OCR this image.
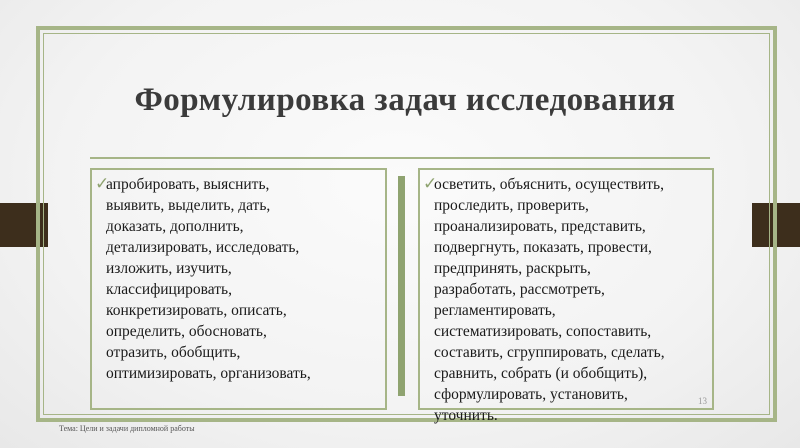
Формулировка задач исследования
✓

апробировать, выяснить,
выявить, выделить, дать,
доказать, дополнить,
детализировать, исследовать,
изложить, изучить,
классифицировать,
конкретизировать, описать,
определить, обосновать,
отразить, обобщить,
оптимизировать, организовать,

✓

осветить, объяснить, осуществить,
проследить, проверить,
проанализировать, представить,
подвергнуть, показать, провести,
предпринять, раскрыть,
разработать, рассмотреть,
регламентировать,
систематизировать, сопоставить,
составить, сгруппировать, сделать,
сравнить, собрать (и обобщить),
сформулировать, установить,
уточнить.

13
Тема: Цели и задачи дипломной работы
